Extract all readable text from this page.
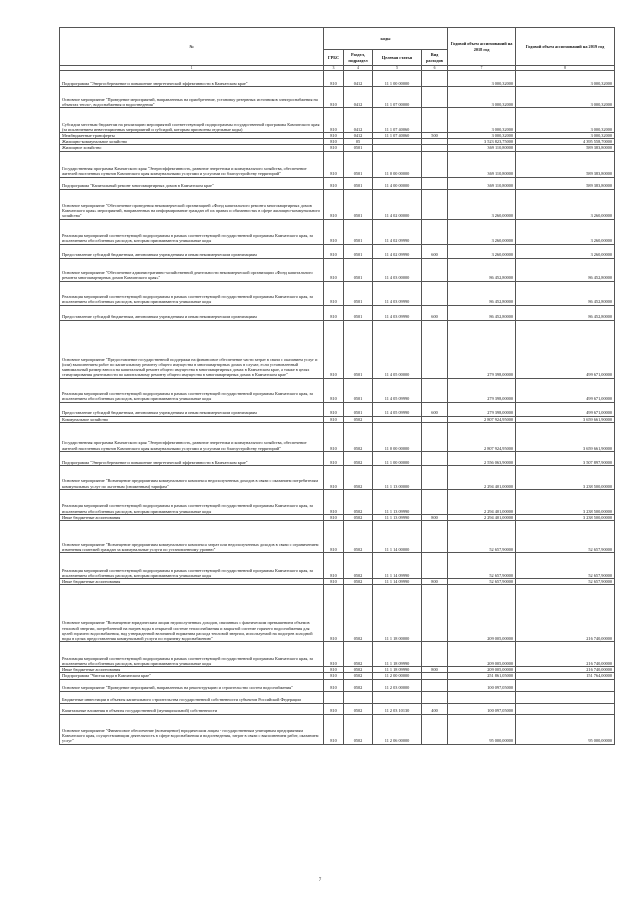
№	коды				Годовой объем ассигнований на 2018 год	Годовой объем ассигнований на 2019 год
	ГРБС	Раздел, подраздел	Целевая статья	Вид расходов		
1	3	4	5	6	7	8
Подпрограмма "Энергосбережение и повышение энергетической эффективности в Камчатском крае"	810	0412	11 1 00 00000		3 000,32000	3 000,32000
Основное мероприятие "Проведение мероприятий, направленных на приобретение, установку резервных источников электроснабжения на объектах тепло-, водоснабжения и водоотведения"	810	0412	11 1 07 00000		3 000,32000	3 000,32000
Субсидии местным бюджетам на реализацию мероприятий соответствующей подпрограммы государственной программы Камчатского края (за исключением инвестиционных мероприятий и субсидий, которым присвоены отдельные коды)	810	0412	11 1 07 40060		3 000,32000	3 000,32000
Межбюджетные трансферты	810	0412	11 1 07 40060	500	3 000,32000	3 000,32000
Жилищно-коммунальное хозяйство	810	05			3 523 823,75000	4 395 558,70000
Жилищное хозяйство	810	0501			369 110,80000	589 383,80000
Государственная программа Камчатского края "Энергоэффективность, развитие энергетики и коммунального хозяйства, обеспечение жителей населенных пунктов Камчатского края коммунальными услугами и услугами по благоустройству территорий"	810	0501	11 0 00 00000		369 110,80000	589 383,80000
Подпрограмма "Капитальный ремонт многоквартирных домов в Камчатском крае"	810	0501	11 4 00 00000		369 110,80000	589 383,80000
Основное мероприятие "Обеспечение проведения некоммерческой организацией «Фонд капитального ремонта многоквартирных домов Камчатского края» мероприятий, направленных на информирование граждан об их правах и обязанностях в сфере жилищно-коммунального хозяйства"	810	0501	11 4 02 00000		3 260,00000	3 260,00000
Реализация мероприятий соответствующей подпрограммы в рамках соответствующей государственной программы Камчатского края, за исключением обособленных расходов, которым присваиваются уникальные коды	810	0501	11 4 02 09990		3 260,00000	3 260,00000
Предоставление субсидий бюджетным, автономным учреждениям и иным некоммерческим организациям	810	0501	11 4 02 09990	600	3 260,00000	3 260,00000
Основное мероприятие "Обеспечение административно-хозяйственной деятельности некоммерческой организации «Фонд капитального ремонта многоквартирных домов Камчатского края»"	810	0501	11 4 03 00000		86 452,80000	86 452,80000
Реализация мероприятий соответствующей подпрограммы в рамках соответствующей государственной программы Камчатского края, за исключением обособленных расходов, которым присваиваются уникальные коды	810	0501	11 4 03 09990		86 452,80000	86 452,80000
Предоставление субсидий бюджетным, автономным учреждениям и иным некоммерческим организациям	810	0501	11 4 03 09990	600	86 452,80000	86 452,80000
Основное мероприятие "Предоставление государственной поддержки на финансовое обеспечение части затрат в связи с оказанием услуг и (или) выполнением работ по капитальному ремонту общего имущества в многоквартирных домах в случае, если установленный минимальный размер взноса на капитальный ремонт общего имущества в многоквартирных домах в Камчатском крае, а также в целях стимулирования деятельности по капитальному ремонту общего имущества в многоквартирных домах в Камчатском крае"	810	0501	11 4 05 00000		279 398,00000	499 671,00000
Реализация мероприятий соответствующей подпрограммы в рамках соответствующей государственной программы Камчатского края, за исключением обособленных расходов, которым присваиваются уникальные коды	810	0501	11 4 05 09990		279 398,00000	499 671,00000
Предоставление субсидий бюджетным, автономным учреждениям и иным некоммерческим организациям	810	0501	11 4 05 09990	600	279 398,00000	499 671,00000
Коммунальное хозяйство	810	0502			2 807 924,95000	3 659 661,90000
Государственная программа Камчатского края "Энергоэффективность, развитие энергетики и коммунального хозяйства, обеспечение жителей населенных пунктов Камчатского края коммунальными услугами и услугами по благоустройству территорий"	810	0502	11 0 00 00000		2 807 924,95000	3 659 661,90000
Подпрограмма "Энергосбережение и повышение энергетической эффективности в Камчатском крае"	810	0502	11 1 00 00000		2 556 063,90000	3 507 897,90000
Основное мероприятие "Возмещение предприятиям коммунального комплекса недополученных доходов в связи с оказанием потребителям коммунальных услуг по льготным (сниженным) тарифам"	810	0502	11 1 13 00000		2 294 401,00000	3 238 500,00000
Реализация мероприятий соответствующей подпрограммы в рамках соответствующей государственной программы Камчатского края, за исключением обособленных расходов, которым присваиваются уникальные коды	810	0502	11 1 13 09990		2 294 401,00000	3 238 500,00000
Иные бюджетные ассигнования	810	0502	11 1 13 09990	800	2 294 401,00000	3 238 500,00000
Основное мероприятие "Возмещение предприятиям коммунального комплекса затрат или недополученных доходов в связи с ограничением изменения платежей граждан за коммунальные услуги по установленному уровню"	810	0502	11 1 14 00000		52 657,90000	52 657,90000
Реализация мероприятий соответствующей подпрограммы в рамках соответствующей государственной программы Камчатского края, за исключением обособленных расходов, которым присваиваются уникальные коды	810	0502	11 1 14 09990		52 657,90000	52 657,90000
Иные бюджетные ассигнования	810	0502	11 1 14 09990	800	52 657,90000	52 657,90000
Основное мероприятие "Возмещение юридическим лицам недополученных доходов, связанных с фактическим превышением объемов тепловой энергии, потребленной на нагрев воды в открытой системе теплоснабжения и закрытой системе горячего водоснабжения для целей горячего водоснабжения, над утвержденной величиной норматива расхода тепловой энергии, используемой на подогрев холодной воды в целях предоставления коммунальной услуги по горячему водоснабжению"	810	0502	11 1 18 00000		209 005,00000	216 740,00000
Реализация мероприятий соответствующей подпрограммы в рамках соответствующей государственной программы Камчатского края, за исключением обособленных расходов, которым присваиваются уникальные коды	810	0502	11 1 18 09990		209 005,00000	216 740,00000
Иные бюджетные ассигнования	810	0502	11 1 18 09990	800	209 005,00000	216 740,00000
Подпрограмма "Чистая вода в Камчатском крае"	810	0502	11 2 00 00000		251 861,05000	151 764,00000
Основное мероприятие "Проведение мероприятий, направленных на реконструкцию и строительство систем водоснабжения"	810	0502	11 2 03 00000		100 097,05000	
Бюджетные инвестиции в объекты капитального строительства государственной собственности субъектов Российской Федерации						
Капитальные вложения в объекты государственной (муниципальной) собственности	810	0502	11 2 03 10130	400	100 097,05000	
Основное мероприятие "Финансовое обеспечение (возмещение) юридическим лицам - государственным унитарным предприятиям Камчатского края, осуществляющим деятельность в сфере водоснабжения и водоотведения, затрат в связи с выполнением работ, оказанием услуг"	810	0502	11 2 06 00000		95 000,00000	95 000,00000
7
